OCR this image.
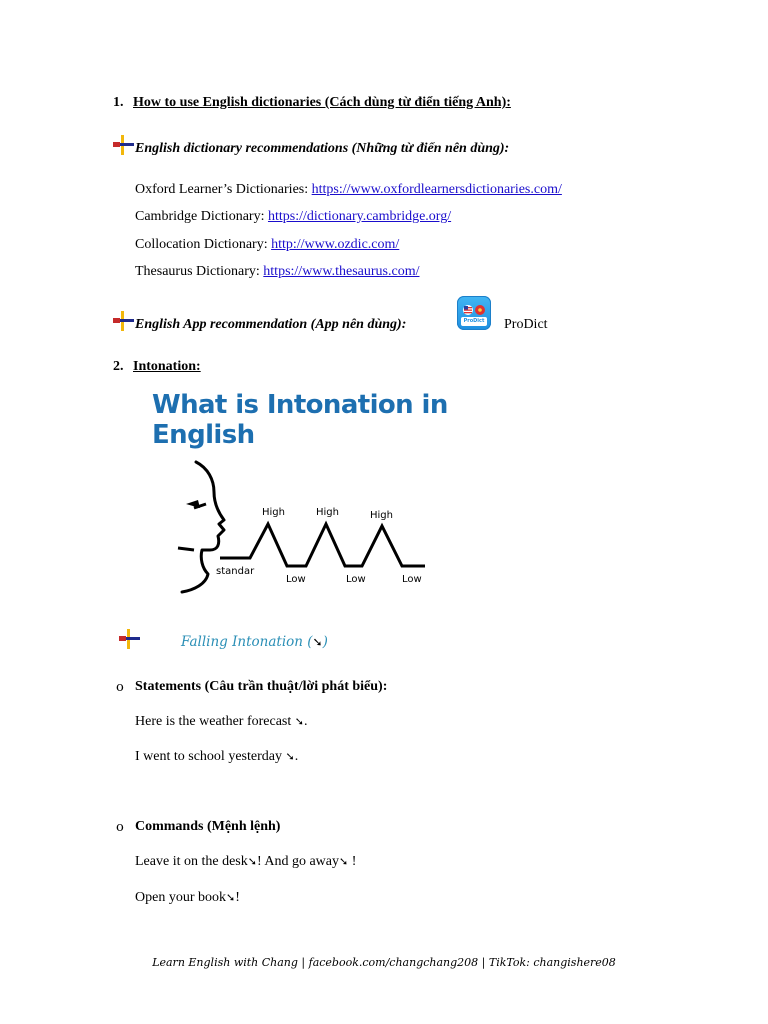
1. How to use English dictionaries (Cách dùng từ điển tiếng Anh):
English dictionary recommendations (Những từ điển nên dùng):
Oxford Learner’s Dictionaries: https://www.oxfordlearnersdictionaries.com/
Cambridge Dictionary: https://dictionary.cambridge.org/
Collocation Dictionary: http://www.ozdic.com/
Thesaurus Dictionary: https://www.thesaurus.com/
English App recommendation (App nên dùng):	ProDict	ProDict
2. Intonation:
What is Intonation in English
standar
High	High	High
Low	Low	Low
Falling Intonation (➘)
o Statements (Câu trần thuật/lời phát biểu):
Here is the weather forecast ➘.
I went to school yesterday ➘.
o Commands (Mệnh lệnh)
Leave it on the desk➘! And go away➘ !
Open your book➘!
Learn English with Chang | facebook.com/changchang208 | TikTok: changishere08
